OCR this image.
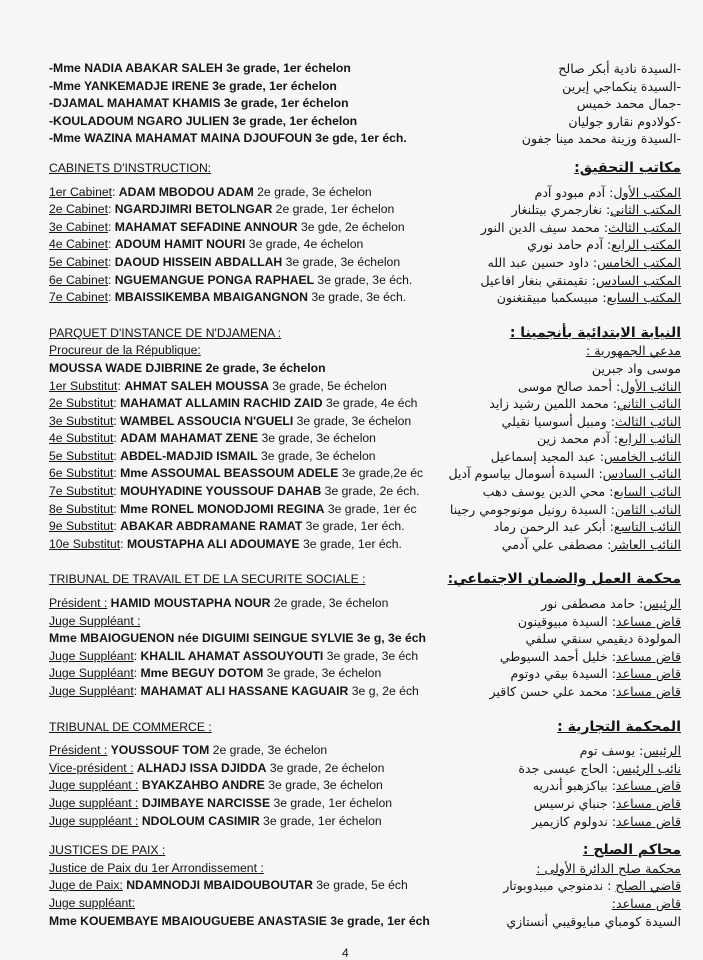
-Mme NADIA ABAKAR SALEH 3e grade, 1er échelon
-Mme YANKEMADJE IRENE 3e grade, 1er échelon
-DJAMAL MAHAMAT KHAMIS 3e grade, 1er échelon
-KOULADOUM NGARO JULIEN 3e grade, 1er échelon
-Mme WAZINA MAHAMAT MAINA DJOUFOUN 3e gde, 1er éch.
CABINETS D'INSTRUCTION:
1er Cabinet: ADAM MBODOU ADAM 2e grade, 3e échelon
2e Cabinet: NGARDJIMRI BETOLNGAR 2e grade, 1er échelon
3e Cabinet: MAHAMAT SEFADINE ANNOUR 3e gde, 2e échelon
4e Cabinet: ADOUM HAMIT NOURI 3e grade, 4e échelon
5e Cabinet: DAOUD HISSEIN ABDALLAH 3e grade, 3e échelon
6e Cabinet: NGUEMANGUE PONGA RAPHAEL 3e grade, 3e éch.
7e Cabinet: MBAISSIKEMBA MBAIGANGNON 3e grade, 3e éch.
PARQUET D'INSTANCE DE N'DJAMENA :
Procureur de la République:
MOUSSA WADE DJIBRINE 2e grade, 3e échelon
1er Substitut: AHMAT SALEH MOUSSA 3e grade, 5e échelon
2e Substitut: MAHAMAT ALLAMIN RACHID ZAID 3e grade, 4e éch
3e Substitut: WAMBEL ASSOUCIA N'GUELI 3e grade, 3e échelon
4e Substitut: ADAM MAHAMAT ZENE 3e grade, 3e échelon
5e Substitut: ABDEL-MADJID ISMAIL 3e grade, 3e échelon
6e Substitut: Mme ASSOUMAL BEASSOUM ADELE 3e grade,2e éc
7e Substitut: MOUHYADINE YOUSSOUF DAHAB 3e grade, 2e éch.
8e Substitut: Mme RONEL MONODJOMI REGINA 3e grade, 1er éc
9e Substitut: ABAKAR ABDRAMANE RAMAT 3e grade, 1er éch.
10e Substitut: MOUSTAPHA ALI ADOUMAYE 3e grade, 1er éch.
TRIBUNAL DE TRAVAIL ET DE LA SECURITE SOCIALE :
Président : HAMID MOUSTAPHA NOUR 2e grade, 3e échelon
Juge Suppléant :
Mme MBAIOGUENON née DIGUIMI SEINGUE SYLVIE 3e g, 3e éch
Juge Suppléant: KHALIL AHAMAT ASSOUYOUTI 3e grade, 3e éch
Juge Suppléant: Mme BEGUY DOTOM 3e grade, 3e échelon
Juge Suppléant: MAHAMAT ALI HASSANE KAGUAIR 3e g, 2e éch
TRIBUNAL DE COMMERCE :
Président : YOUSSOUF TOM 2e grade, 3e échelon
Vice-président : ALHADJ ISSA DJIDDA 3e grade, 2e échelon
Juge suppléant : BYAKZAHBO ANDRE 3e grade, 3e échelon
Juge suppléant : DJIMBAYE NARCISSE 3e grade, 1er échelon
Juge suppléant : NDOLOUM CASIMIR 3e grade, 1er échelon
JUSTICES DE PAIX :
Justice de Paix du 1er Arrondissement :
Juge de Paix: NDAMNODJI MBAIDOUBOUTAR 3e grade, 5e éch
Juge suppléant:
Mme KOUEMBAYE MBAIOUGUEBE ANASTASIE 3e grade, 1er éch
-السيدة نادية أبكر صالح
-السيدة ينكماجي إيرين
-جمال محمد خميس
-كولادوم نقارو جوليان
-السيدة وزينة محمد مينا جفون
مكاتب التحقيق:
المكتب الأول: آدم مبودو آدم
المكتب الثاني: نغارجمري بيتلنغار
المكتب الثالث: محمد سيف الدين النور
المكتب الرابع: آدم حامد نوري
المكتب الخامس: داود حسين عبد الله
المكتب السادس: نقيمنقي بنغار افاعيل
المكتب السابع: مبيسكمبا مبيقنغنون
النيابة الابتدائية بأنجمينا :
مدعي الجمهورية :
موسى واد جبرين
النائب الأول: أحمد صالح موسى
النائب الثاني: محمد اللمين رشيد زايد
النائب الثالث: ومبيل أسوسيا نقيلي
النائب الرابع: آدم محمد زين
النائب الخامس: عبد المجيد إسماعيل
النائب السادس: السيدة أسومال بياسوم آديل
النائب السابع: محي الدين يوسف دهب
النائب الثامن: السيدة رونيل مونوجومي رجينا
النائب التاسع: أبكر عبد الرحمن رماد
النائب العاشر: مصطفى علي آدمي
محكمة العمل والضمان الاجتماعي:
الرئيس: حامد مصطفى نور
قاض مساعد: السيدة مبيوقينون
المولودة ديقيمي سنقي سلفي
قاض مساعد: خليل أحمد السيوطي
قاض مساعد: السيدة بيقي دوتوم
قاض مساعد: محمد علي حسن كاقير
المحكمة التجارية :
الرئيس: يوسف توم
نائب الرئيس: الحاج عيسى جدة
قاض مساعد: بياكزهبو أندريه
قاض مساعد: جنباي نرسيس
قاض مساعد: ندولوم كازيمير
محاكم الصلح :
محكمة صلح الدائرة الأولى :
قاضي الصلح : ندمنوجي مبيدوبوتار
قاض مساعد:
السيدة كومباي مبايوقيبي أنستازي
4
